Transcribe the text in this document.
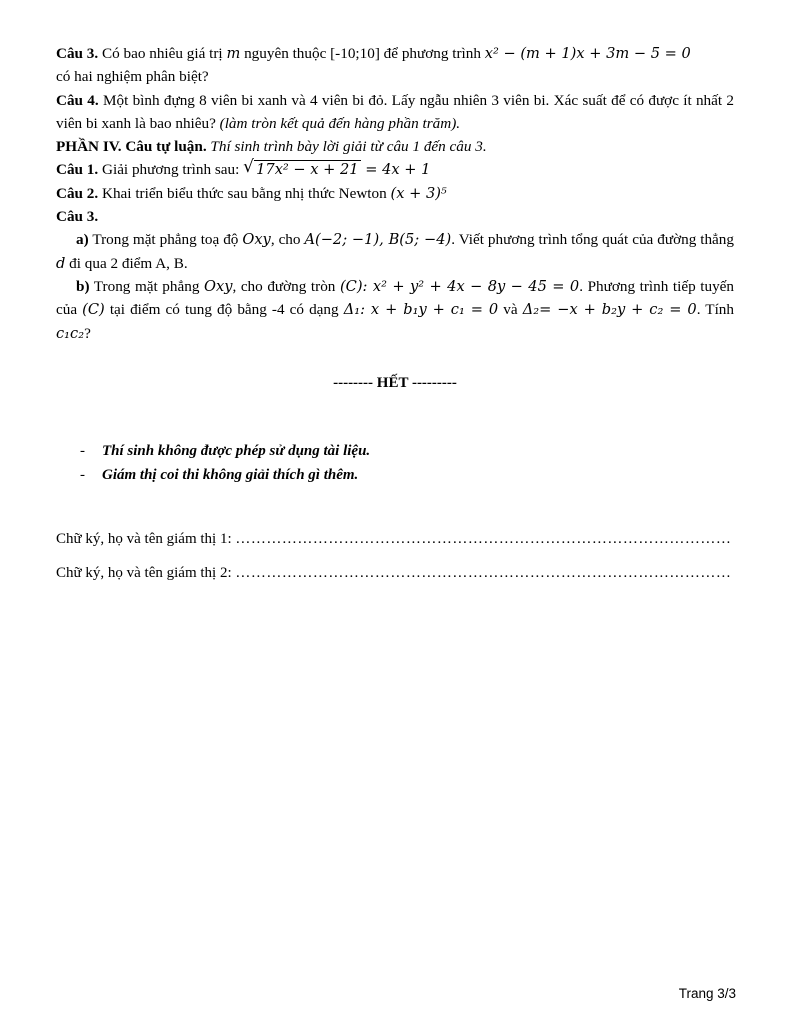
Câu 3. Có bao nhiêu giá trị m nguyên thuộc [-10;10] để phương trình x² − (m + 1)x + 3m − 5 = 0
có hai nghiệm phân biệt?

Câu 4. Một bình đựng 8 viên bi xanh và 4 viên bi đỏ. Lấy ngẫu nhiên 3 viên bi. Xác suất để có được ít nhất 2 viên bi xanh là bao nhiêu? (làm tròn kết quả đến hàng phần trăm).

PHẦN IV. Câu tự luận. Thí sinh trình bày lời giải từ câu 1 đến câu 3.

Câu 1. Giải phương trình sau: √ 17x² − x + 21 = 4x + 1

Câu 2. Khai triển biểu thức sau bằng nhị thức Newton (x + 3)⁵

Câu 3.

a) Trong mặt phẳng toạ độ Oxy, cho A(−2; −1), B(5; −4). Viết phương trình tổng quát của đường thẳng d đi qua 2 điểm A, B.

b) Trong mặt phẳng Oxy, cho đường tròn (C): x² + y² + 4x − 8y − 45 = 0. Phương trình tiếp tuyến của (C) tại điểm có tung độ bằng -4 có dạng Δ₁: x + b₁y + c₁ = 0 và Δ₂= −x + b₂y + c₂ = 0. Tính c₁c₂?

-------- HẾT ---------
- Thí sinh không được phép sử dụng tài liệu.
- Giám thị coi thi không giải thích gì thêm.
Chữ ký, họ và tên giám thị 1: ……………………………………………………………………………………
Chữ ký, họ và tên giám thị 2: ……………………………………………………………………………………
Trang 3/3
